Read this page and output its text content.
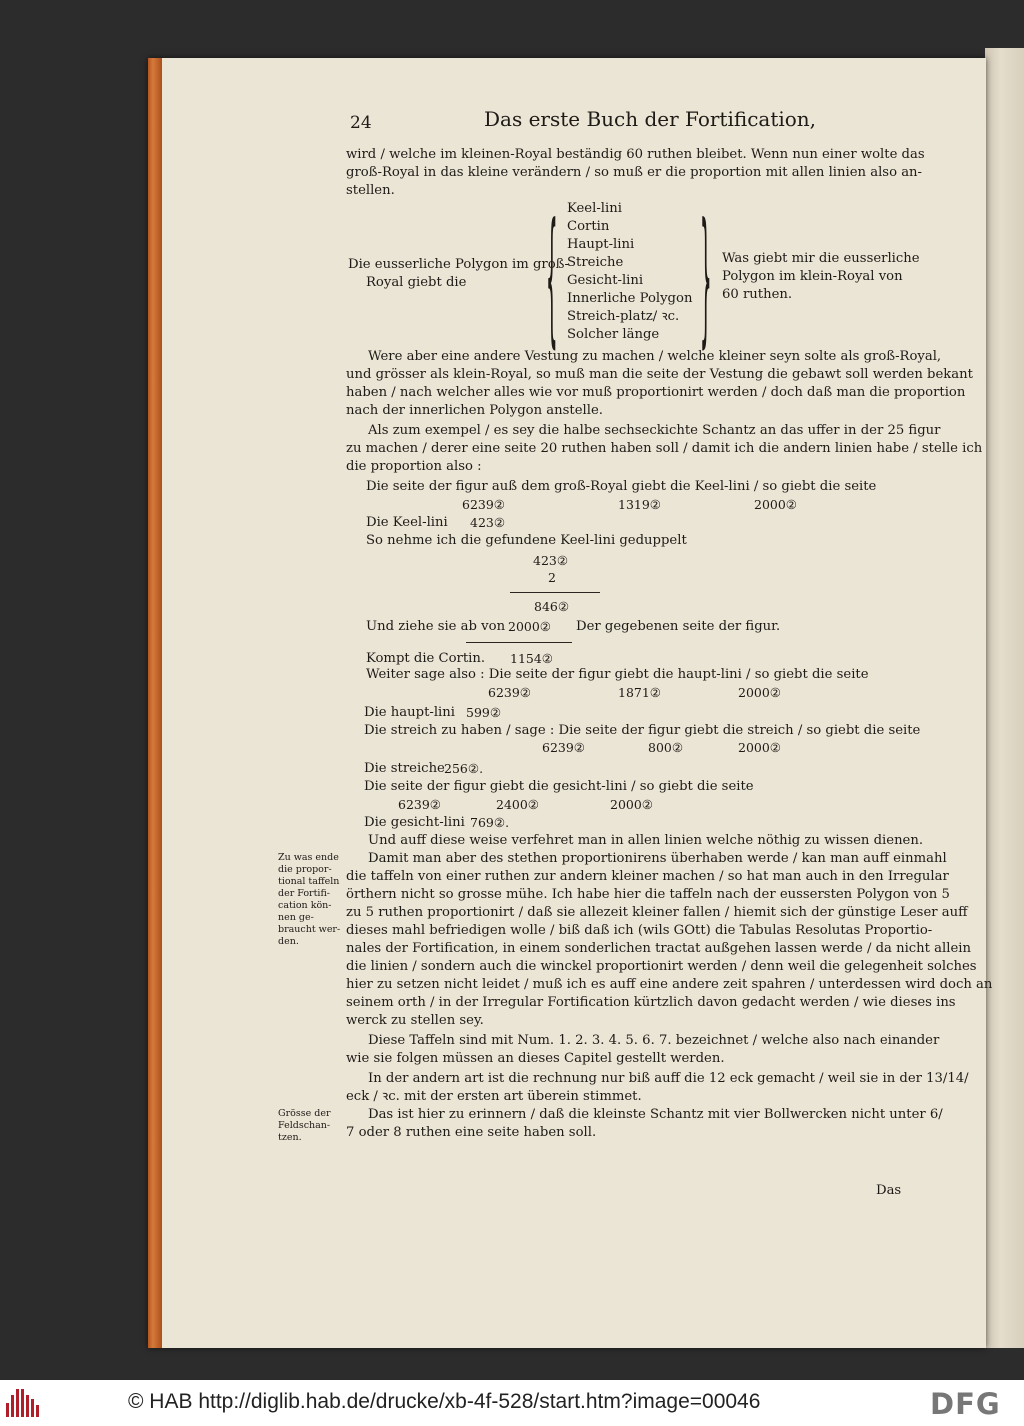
24	Das erste Buch der Fortification,
wird / welche im kleinen-Royal beständig 60 ruthen bleibet. Wenn nun einer wolte das
groß-Royal in das kleine verändern / so muß er die proportion mit allen linien also an-
stellen.
Die eusserliche Polygon im groß-
Royal giebt die	{ Keel-lini
Cortin
Haupt-lini
Streiche
Gesicht-lini
Innerliche Polygon
Streich-platz/ ꝛc.
Solcher länge } Was giebt mir die eusserliche
Polygon im klein-Royal von
60 ruthen.
Were aber eine andere Vestung zu machen / welche kleiner seyn solte als groß-Royal,
und grösser als klein-Royal, so muß man die seite der Vestung die gebawt soll werden bekant
haben / nach welcher alles wie vor muß proportionirt werden / doch daß man die proportion
nach der innerlichen Polygon anstelle.
Als zum exempel / es sey die halbe sechseckichte Schantz an das uffer in der 25 figur
zu machen / derer eine seite 20 ruthen haben soll / damit ich die andern linien habe / stelle ich
die proportion also :
Die seite der figur auß dem groß-Royal giebt die Keel-lini / so giebt die seite
6239②	1319②	2000②
Die Keel-lini 423②
So nehme ich die gefundene Keel-lini geduppelt
423②
2
846②
Und ziehe sie ab von 2000② Der gegebenen seite der figur.
Kompt die Cortin. 1154②
Weiter sage also : Die seite der figur giebt die haupt-lini / so giebt die seite
6239②	1871②	2000②
Die haupt-lini 599②
Die streich zu haben / sage : Die seite der figur giebt die streich / so giebt die seite
6239②	800②	2000②
Die streiche 256②.
Die seite der figur giebt die gesicht-lini / so giebt die seite
6239②	2400②	2000②
Die gesicht-lini 769②.
Und auff diese weise verfehret man in allen linien welche nöthig zu wissen dienen.
Damit man aber des stethen proportionirens überhaben werde / kan man auff einmahl
die taffeln von einer ruthen zur andern kleiner machen / so hat man auch in den Irregular
örthern nicht so grosse mühe. Ich habe hier die taffeln nach der eussersten Polygon von 5
zu 5 ruthen proportionirt / daß sie allezeit kleiner fallen / hiemit sich der günstige Leser auff
dieses mahl befriedigen wolle / biß daß ich (wils GOtt) die Tabulas Resolutas Proportio-
nales der Fortification, in einem sonderlichen tractat außgehen lassen werde / da nicht allein
die linien / sondern auch die winckel proportionirt werden / denn weil die gelegenheit solches
hier zu setzen nicht leidet / muß ich es auff eine andere zeit spahren / unterdessen wird doch an
seinem orth / in der Irregular Fortification kürtzlich davon gedacht werden / wie dieses ins
werck zu stellen sey.
Diese Taffeln sind mit Num. 1. 2. 3. 4. 5. 6. 7. bezeichnet / welche also nach einander
wie sie folgen müssen an dieses Capitel gestellt werden.
In der andern art ist die rechnung nur biß auff die 12 eck gemacht / weil sie in der 13/14/
eck / ꝛc. mit der ersten art überein stimmet.
Das ist hier zu erinnern / daß die kleinste Schantz mit vier Bollwercken nicht unter 6/
7 oder 8 ruthen eine seite haben soll.
Das
Zu was ende
die propor-
tional taffeln
der Fortifi-
cation kön-
nen ge-
braucht wer-
den.
Grösse der
Feldschan-
tzen.
© HAB http://diglib.hab.de/drucke/xb-4f-528/start.htm?image=00046	DFG
